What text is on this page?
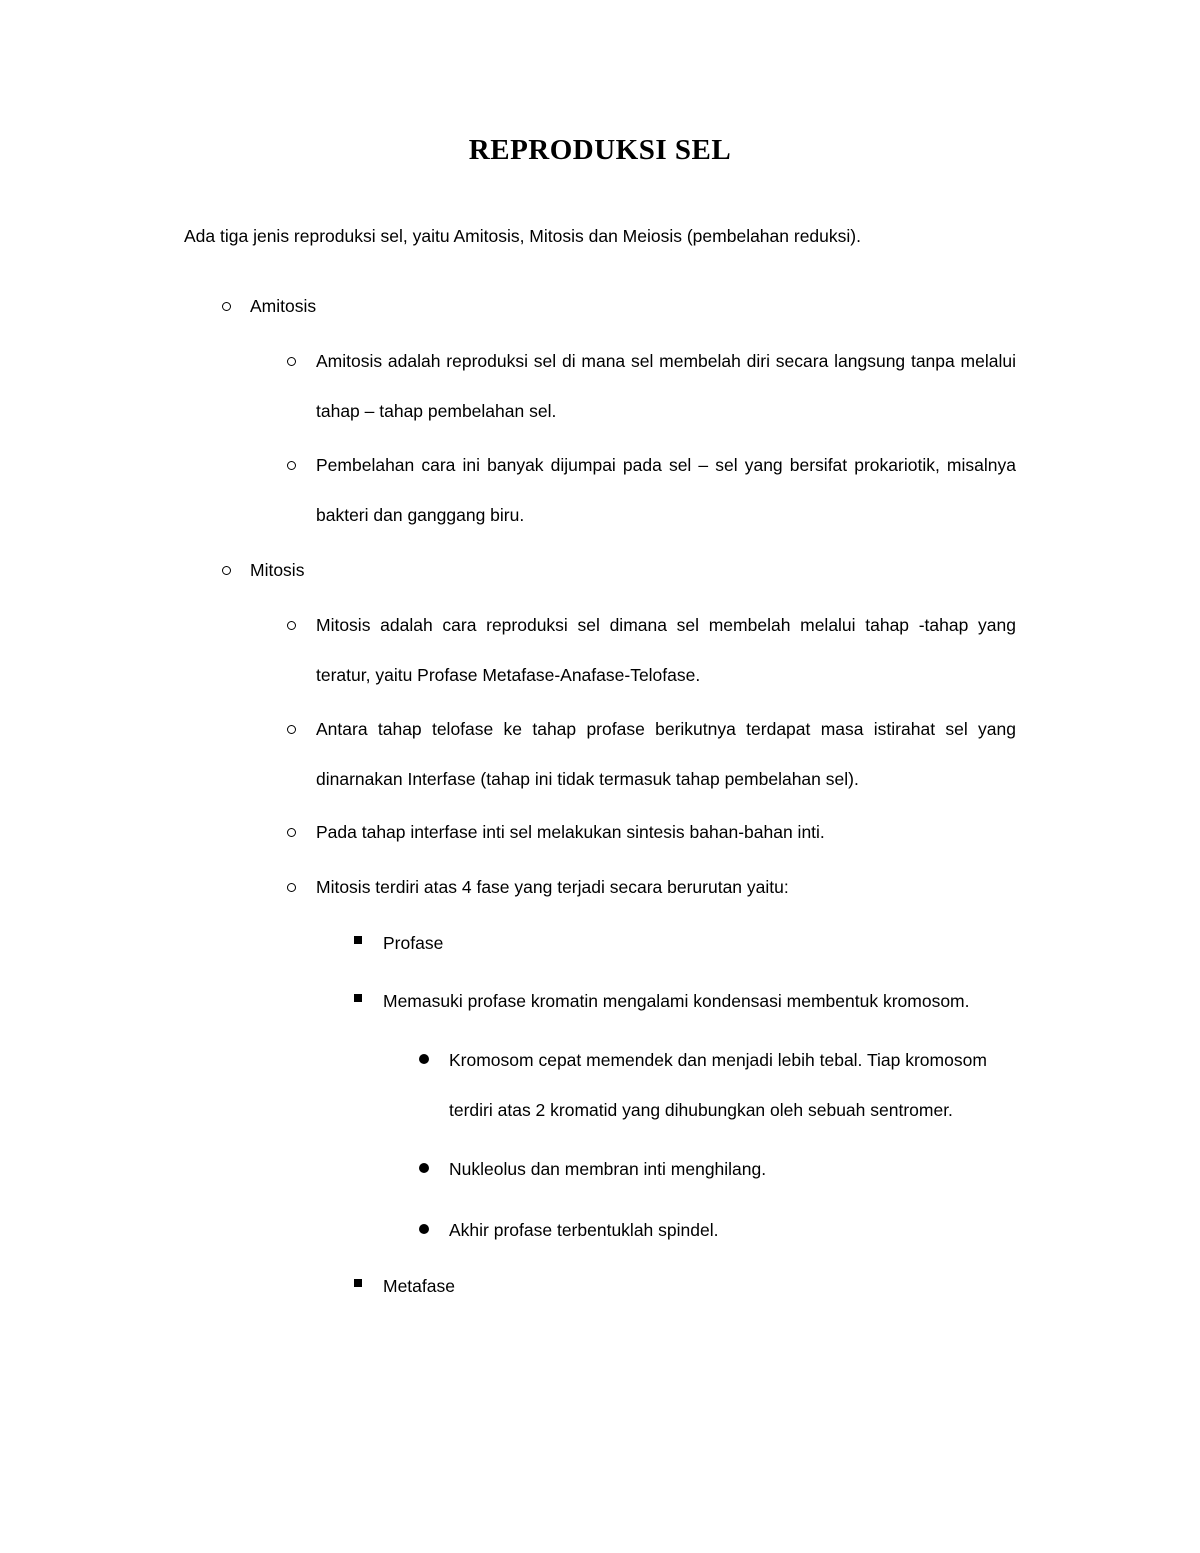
REPRODUKSI SEL
Ada tiga jenis reproduksi sel, yaitu Amitosis, Mitosis dan Meiosis (pembelahan reduksi).
Amitosis
Amitosis adalah reproduksi sel di mana sel membelah diri secara langsung tanpa melalui tahap – tahap pembelahan sel.
Pembelahan cara ini banyak dijumpai pada sel – sel yang bersifat prokariotik, misalnya bakteri dan ganggang biru.
Mitosis
Mitosis adalah cara reproduksi sel dimana sel membelah melalui tahap -tahap yang teratur, yaitu Profase Metafase-Anafase-Telofase.
Antara tahap telofase ke tahap profase berikutnya terdapat masa istirahat sel yang dinarnakan Interfase (tahap ini tidak termasuk tahap pembelahan sel).
Pada tahap interfase inti sel melakukan sintesis bahan-bahan inti.
Mitosis terdiri atas 4 fase yang terjadi secara berurutan yaitu:
Profase
Memasuki profase kromatin mengalami kondensasi membentuk kromosom.
Kromosom cepat memendek dan menjadi lebih tebal. Tiap kromosom terdiri atas 2 kromatid yang dihubungkan oleh sebuah sentromer.
Nukleolus dan membran inti menghilang.
Akhir profase terbentuklah spindel.
Metafase
